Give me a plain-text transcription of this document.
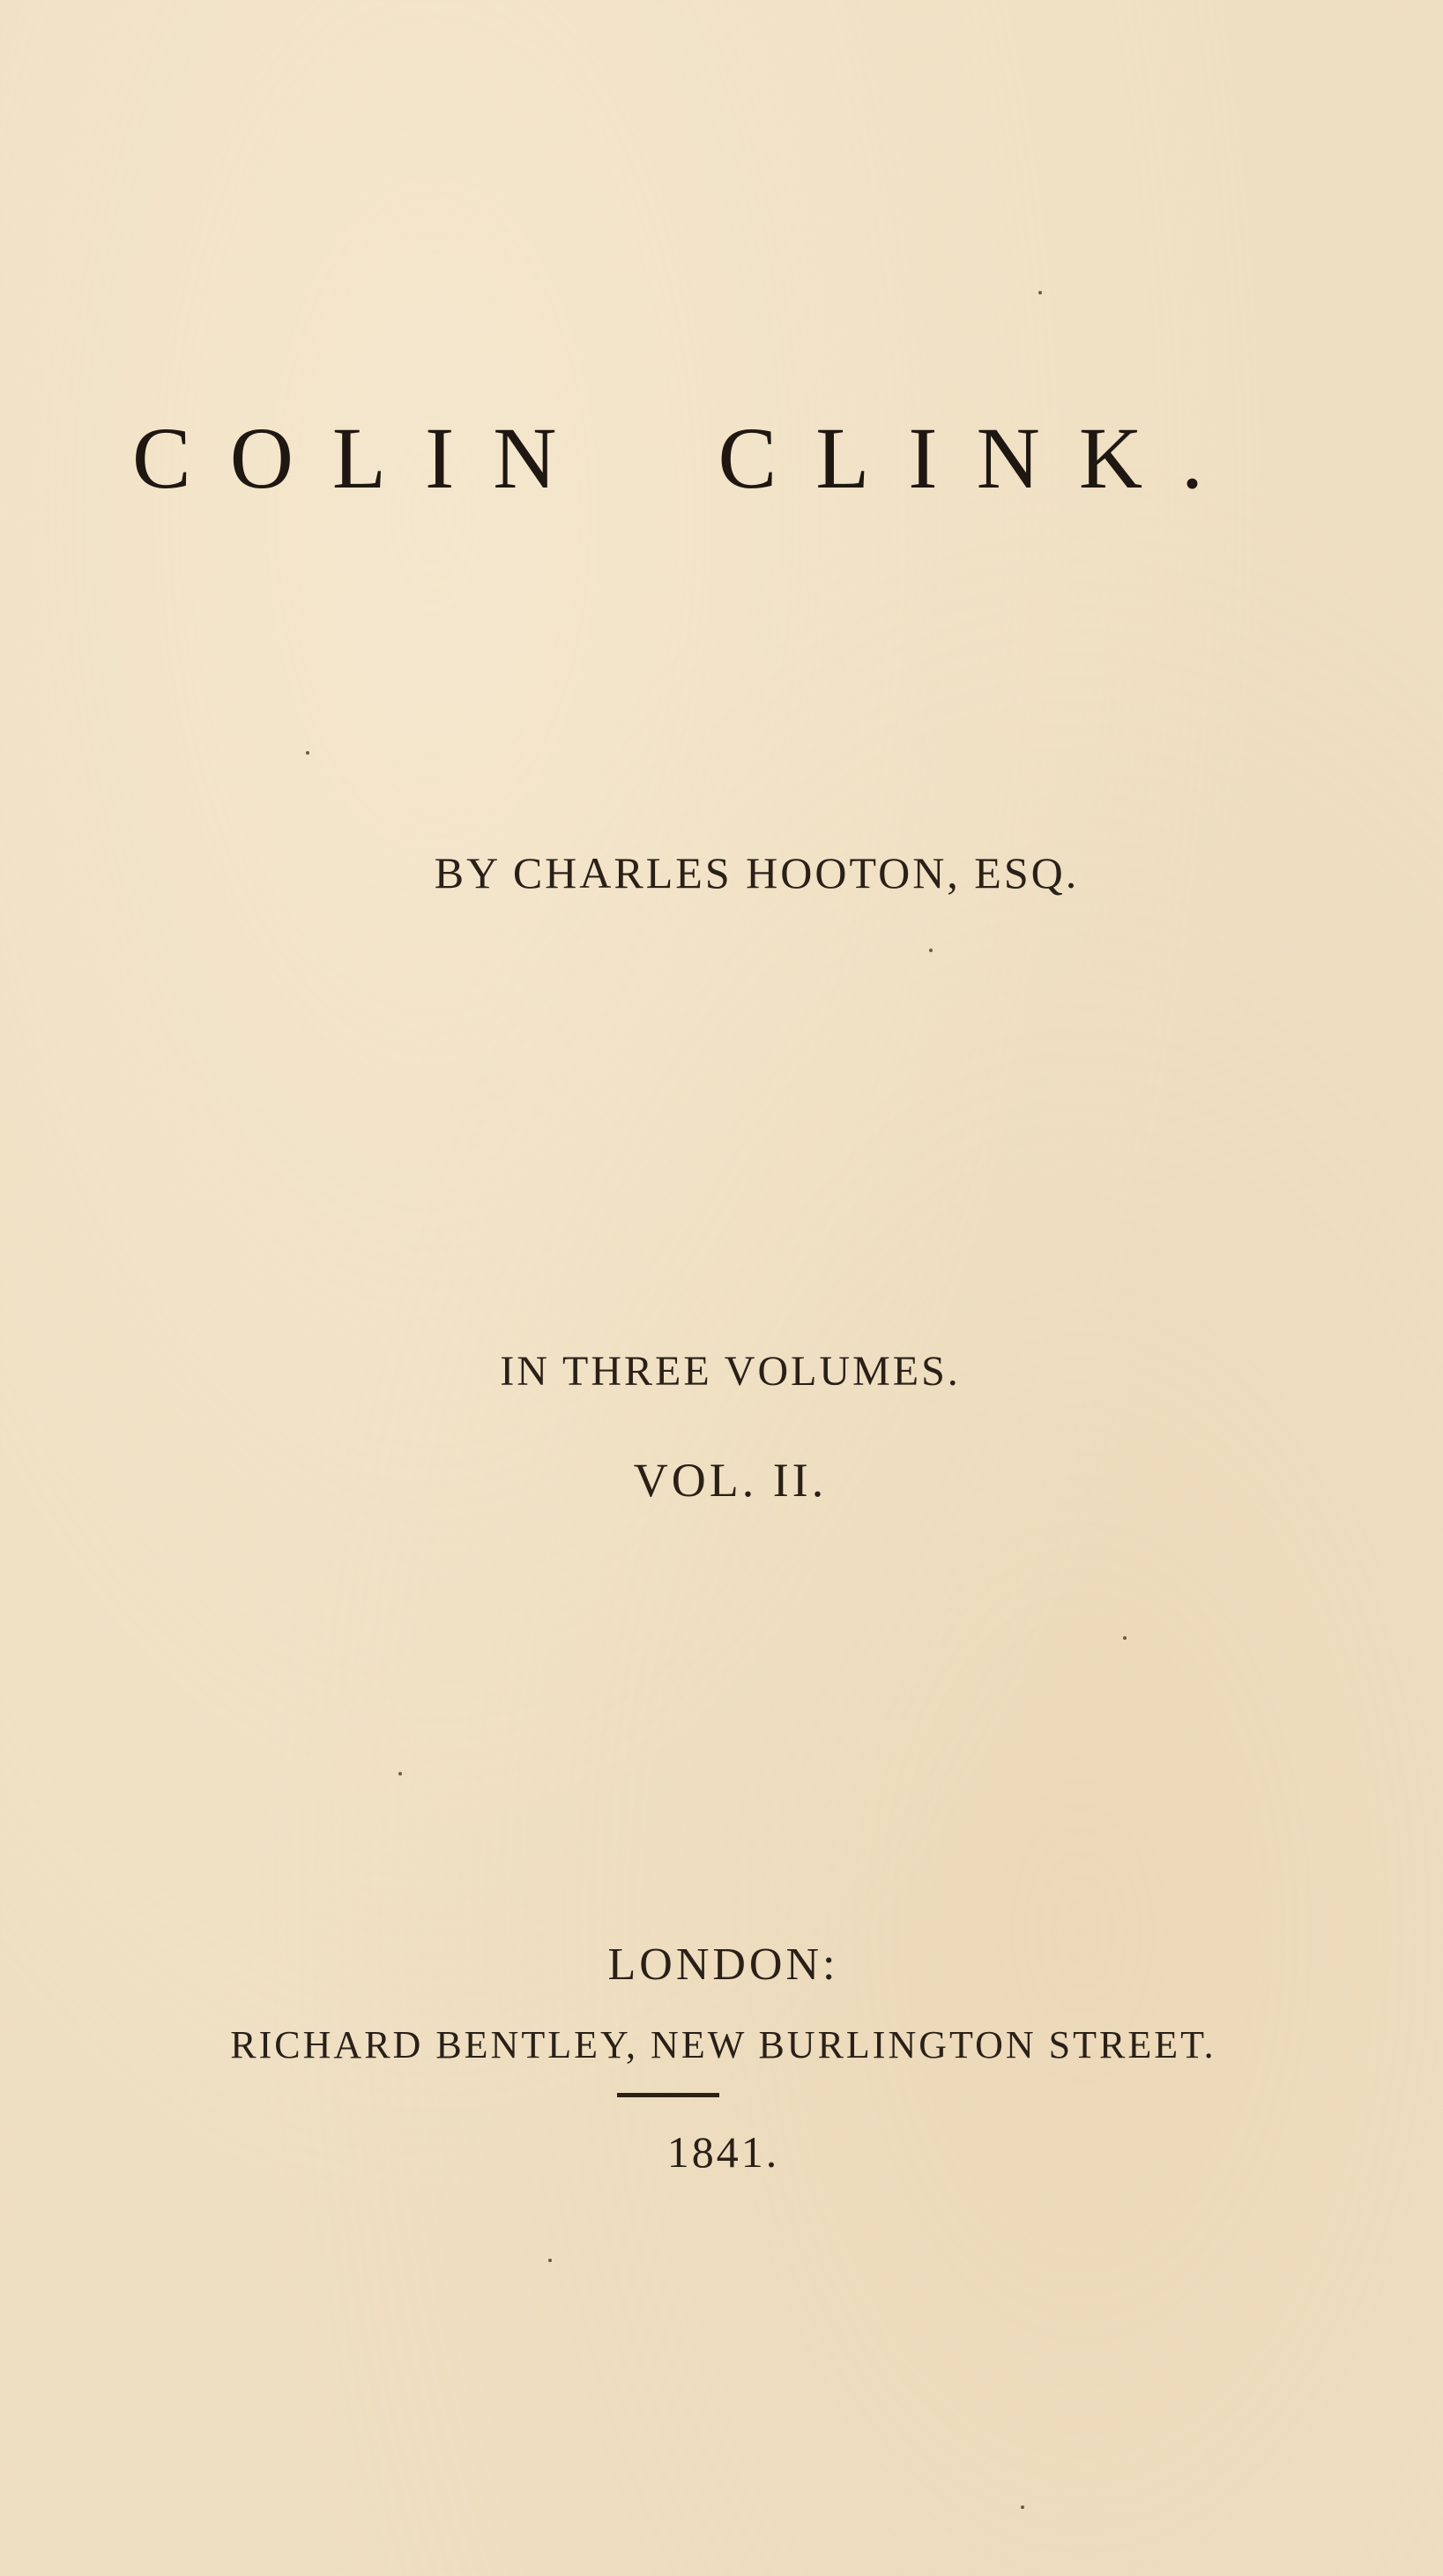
COLIN CLINK.
BY CHARLES HOOTON, ESQ.
IN THREE VOLUMES.
VOL. II.
LONDON:
RICHARD BENTLEY, NEW BURLINGTON STREET.
1841.
